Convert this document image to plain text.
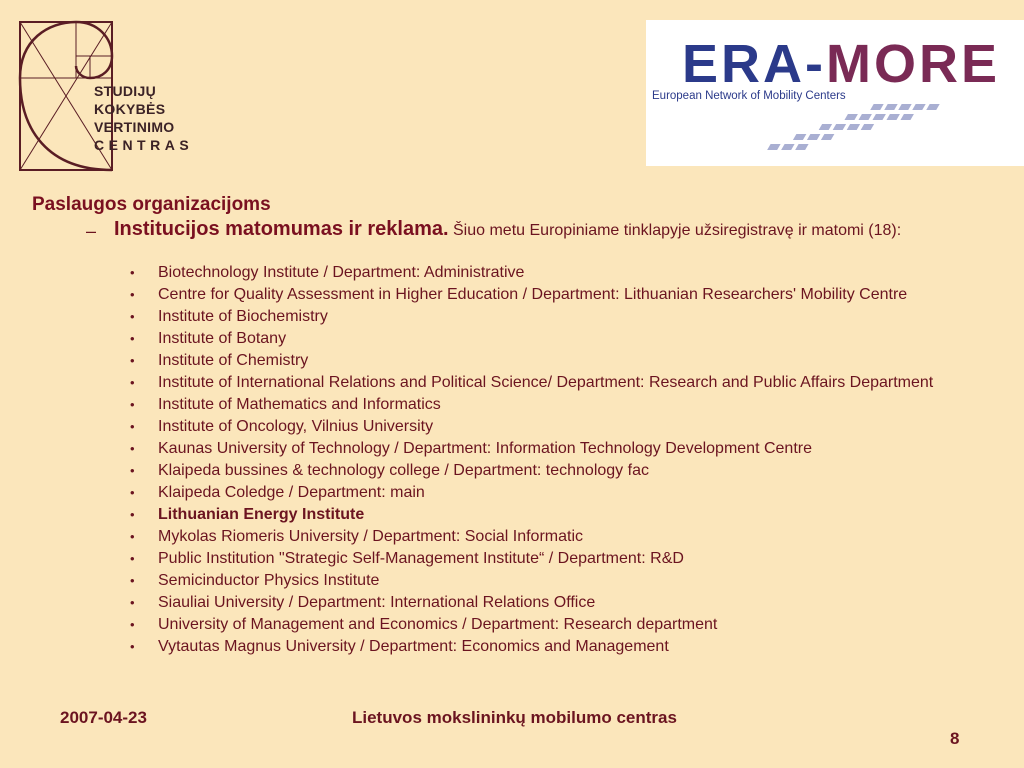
STUDIJŲ
KOKYBĖS
VERTINIMO
CENTRAS
ERA-MORE
European Network of Mobility Centers
Paslaugos organizacijoms
– Institucijos matomumas ir reklama. Šiuo metu Europiniame tinklapyje užsiregistravę ir matomi (18):
• Biotechnology Institute / Department: Administrative
• Centre for Quality Assessment in Higher Education / Department: Lithuanian Researchers' Mobility Centre
• Institute of Biochemistry
• Institute of Botany
• Institute of Chemistry
• Institute of International Relations and Political Science/ Department: Research and Public Affairs Department
• Institute of Mathematics and Informatics
• Institute of Oncology, Vilnius University
• Kaunas University of Technology / Department: Information Technology Development Centre
• Klaipeda bussines & technology college / Department: technology fac
• Klaipeda Coledge / Department: main
• Lithuanian Energy Institute
• Mykolas Riomeris University / Department: Social Informatic
• Public Institution "Strategic Self-Management Institute“ / Department: R&D
• Semicinductor Physics Institute
• Siauliai University / Department: International Relations Office
• University of Management and Economics / Department: Research department
• Vytautas Magnus University / Department: Economics and Management
2007-04-23	Lietuvos mokslininkų mobilumo centras
8
